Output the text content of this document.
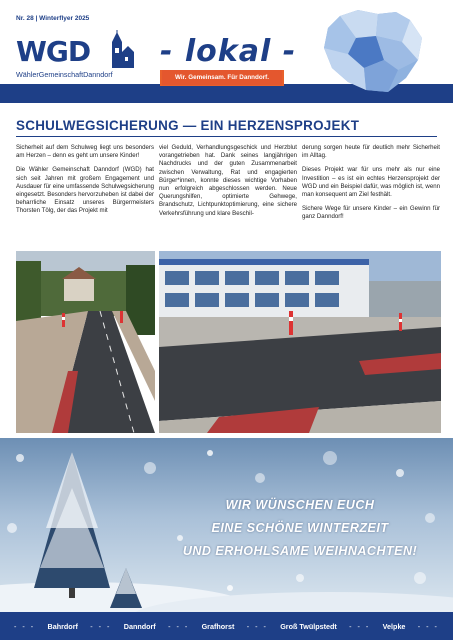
Nr. 28 | Winterflyer 2025
WGD
WählerGemeinschaftDanndorf
- lokal -
Wir. Gemeinsam. Für Danndorf.
SCHULWEGSICHERUNG — EIN HERZENSPROJEKT

Sicherheit auf dem Schulweg liegt uns besonders am Herzen – denn es geht um unsere Kinder!

Die Wähler Gemeinschaft Danndorf (WGD) hat sich seit Jahren mit großem Engagement und Ausdauer für eine umfassende Schulwegsicherung eingesetzt. Besonders hervorzuheben ist dabei der beharrliche Einsatz unseres Bürgermeisters Thorsten Tölg, der das Projekt mit

viel Geduld, Verhandlungsgeschick und Herzblut vorangetrieben hat. Dank seines langjährigen Nachdrucks und der guten Zusammenarbeit zwischen Verwaltung, Rat und engagierten Bürger*innen, konnte dieses wichtige Vorhaben nun erfolgreich abgeschlossen werden. Neue Querungshilfen, optimierte Gehwege, Brandschutz, Lichtpunktoptimierung, eine sichere Verkehrsführung und klare Beschil-

derung sorgen heute für deutlich mehr Sicherheit im Alltag.

Dieses Projekt war für uns mehr als nur eine Investition – es ist ein echtes Herzensprojekt der WGD und ein Beispiel dafür, was möglich ist, wenn man konsequent am Ziel festhält.

Sichere Wege für unsere Kinder – ein Gewinn für ganz Danndorf!

WIR WÜNSCHEN EUCH
EINE SCHÖNE WINTERZEIT
UND ERHOHLSAME WEIHNACHTEN!
- - - Bahrdorf - - - Danndorf - - - Grafhorst - - - Groß Twülpstedt - - - Velpke - - -
